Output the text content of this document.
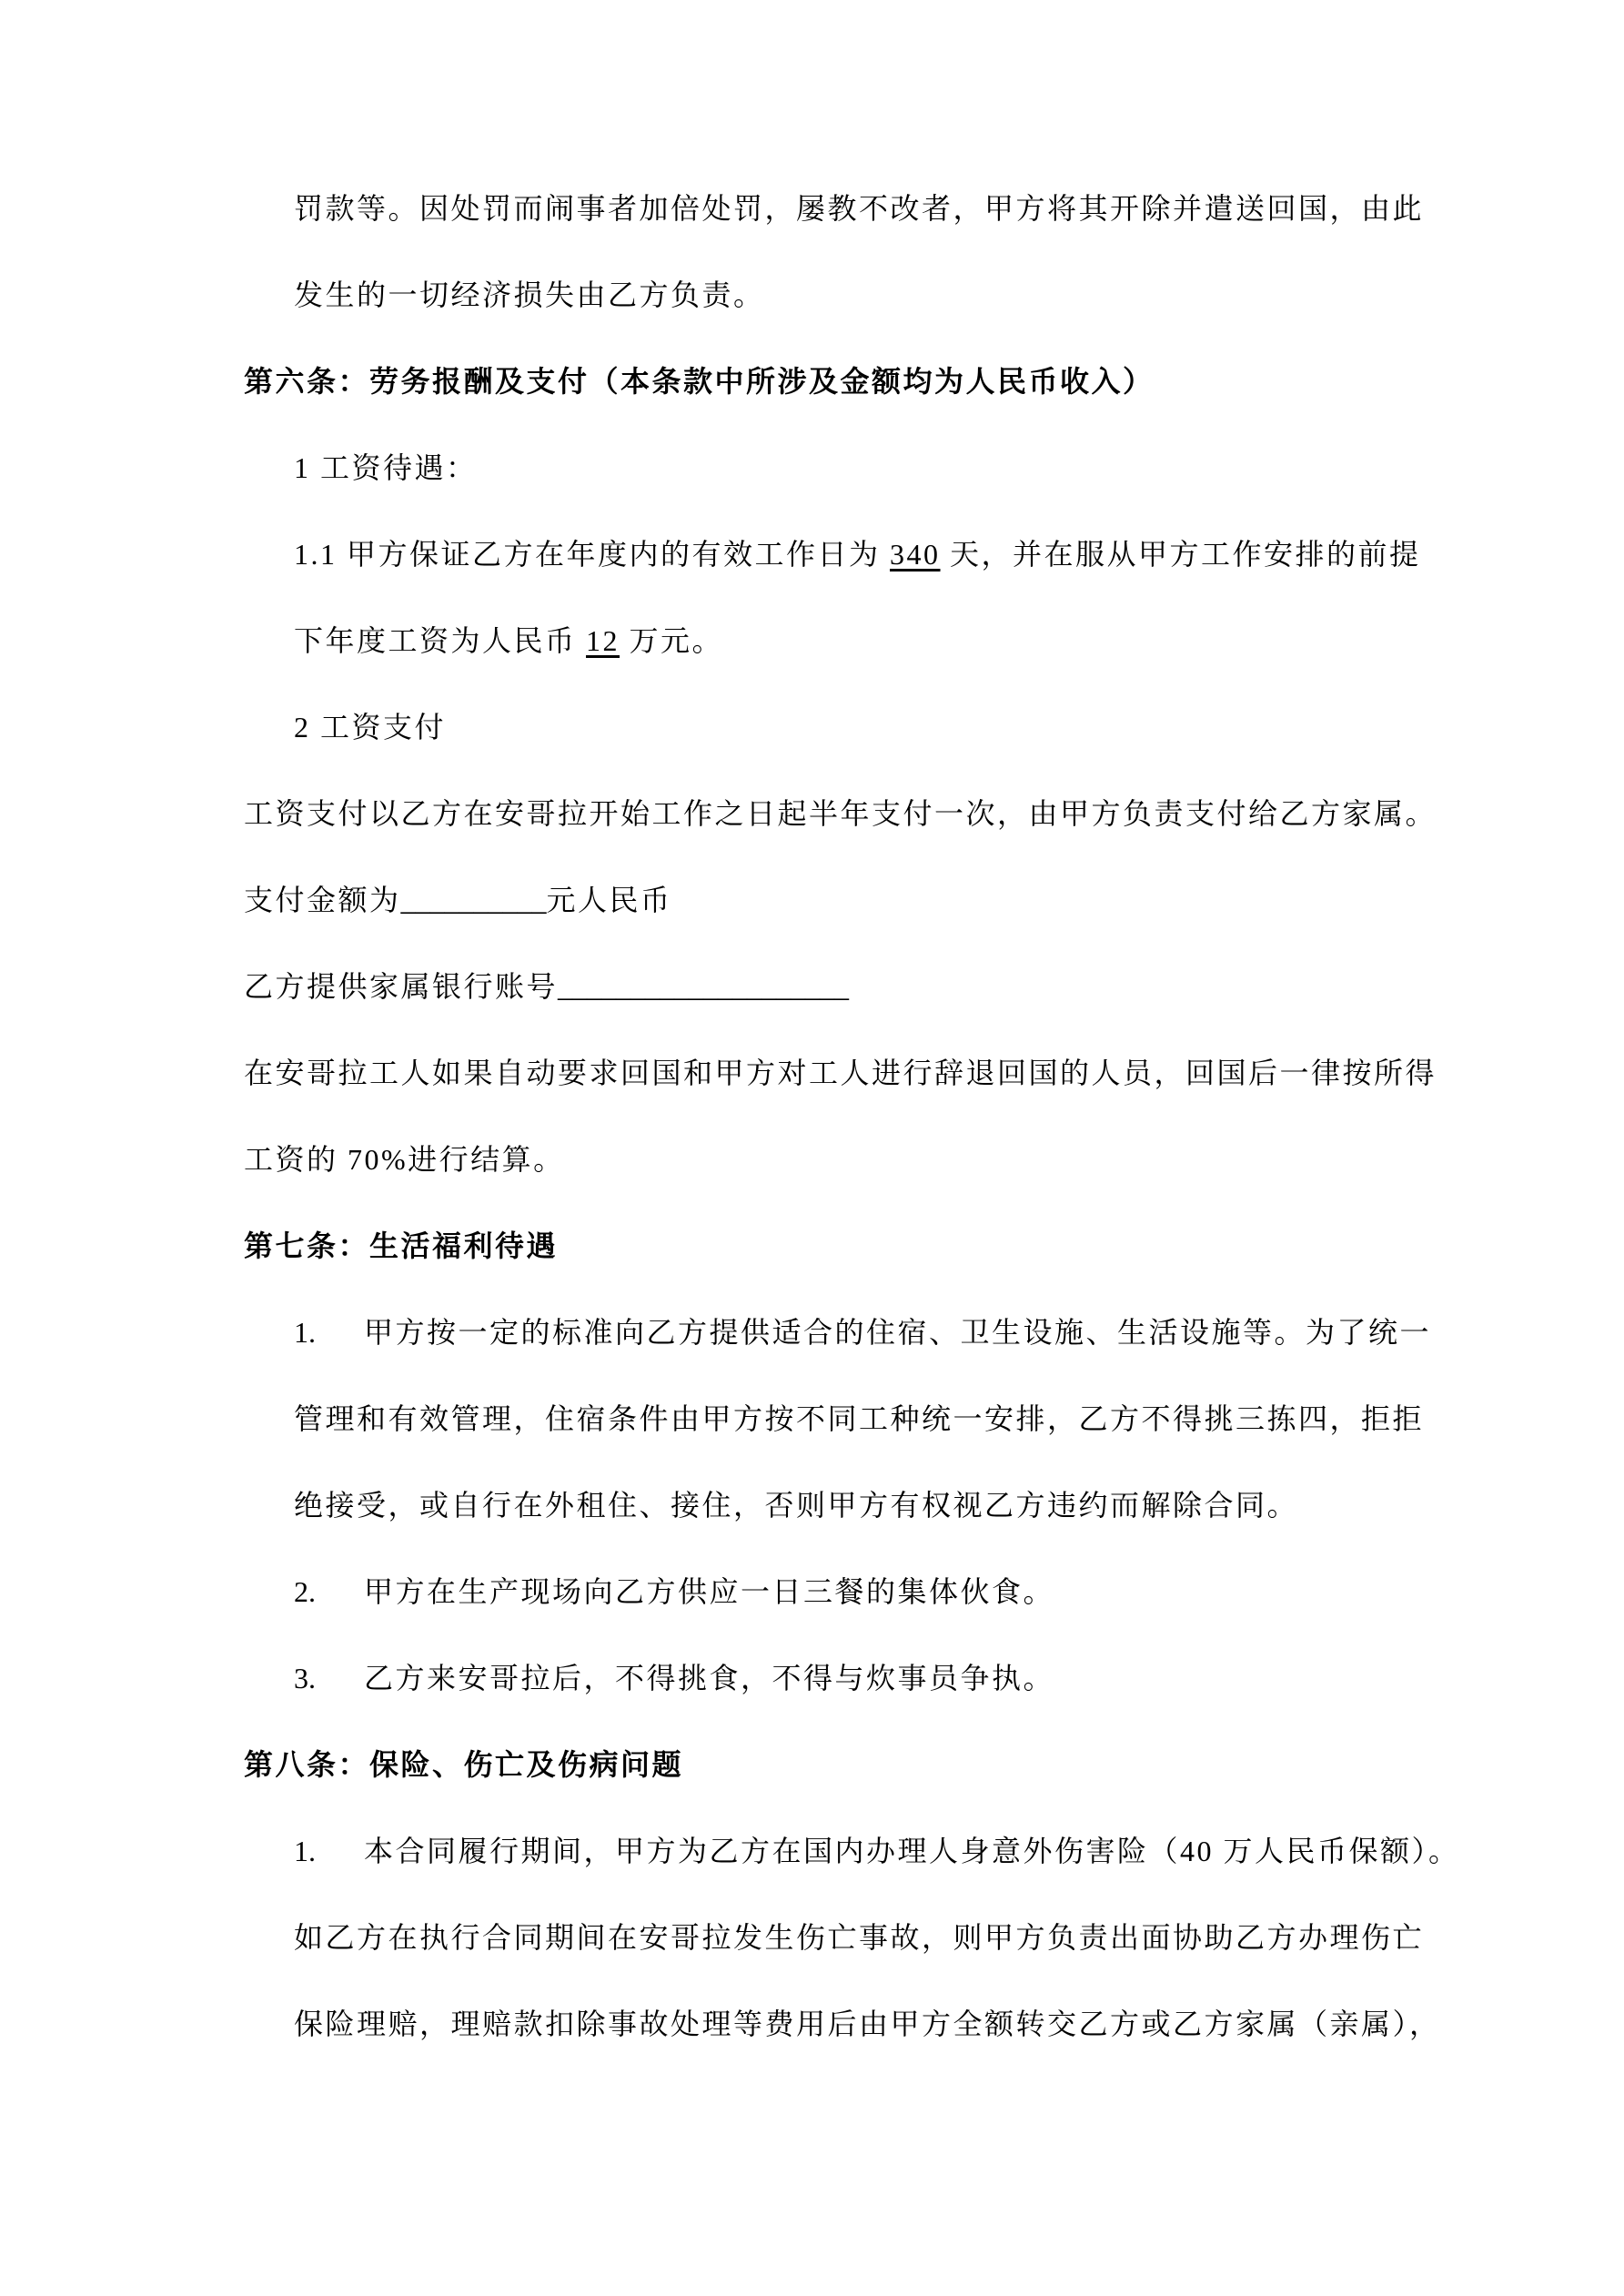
罚款等。因处罚而闹事者加倍处罚，屡教不改者，甲方将其开除并遣送回国，由此
发生的一切经济损失由乙方负责。
第六条：劳务报酬及支付（本条款中所涉及金额均为人民币收入）
1 工资待遇：
1.1 甲方保证乙方在年度内的有效工作日为 340 天，并在服从甲方工作安排的前提
下年度工资为人民币 12 万元。
2 工资支付
工资支付以乙方在安哥拉开始工作之日起半年支付一次，由甲方负责支付给乙方家属。
支付金额为__________元人民币
乙方提供家属银行账号____________________
在安哥拉工人如果自动要求回国和甲方对工人进行辞退回国的人员，回国后一律按所得
工资的 70%进行结算。
第七条：生活福利待遇
1. 甲方按一定的标准向乙方提供适合的住宿、卫生设施、生活设施等。为了统一
管理和有效管理，住宿条件由甲方按不同工种统一安排，乙方不得挑三拣四，拒拒
绝接受，或自行在外租住、接住，否则甲方有权视乙方违约而解除合同。
2. 甲方在生产现场向乙方供应一日三餐的集体伙食。
3. 乙方来安哥拉后，不得挑食，不得与炊事员争执。
第八条：保险、伤亡及伤病问题
1. 本合同履行期间，甲方为乙方在国内办理人身意外伤害险（40 万人民币保额）。
如乙方在执行合同期间在安哥拉发生伤亡事故，则甲方负责出面协助乙方办理伤亡
保险理赔，理赔款扣除事故处理等费用后由甲方全额转交乙方或乙方家属（亲属），
